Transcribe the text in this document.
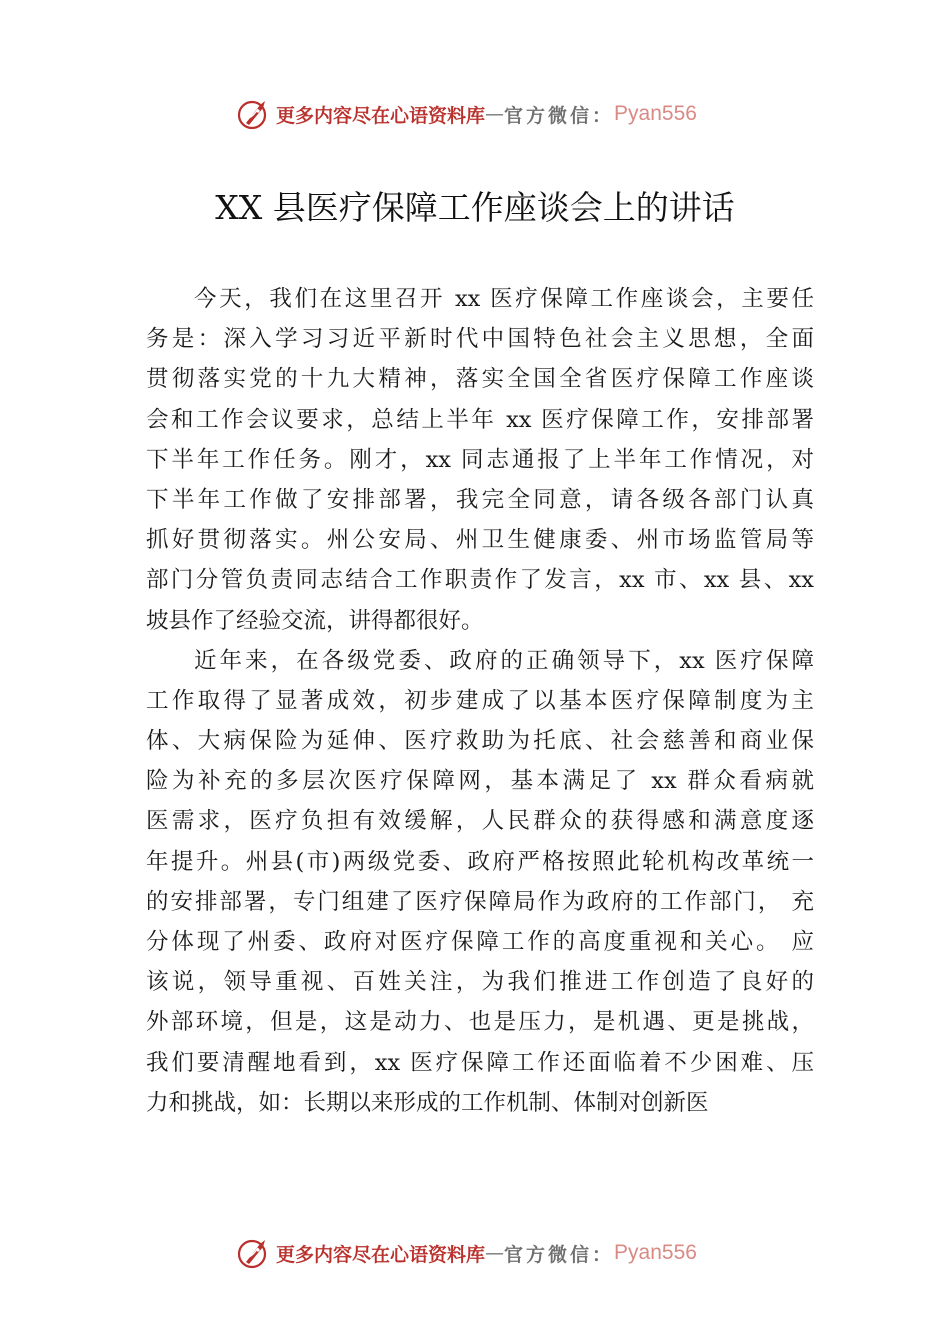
更多内容尽在心语资料库 — 官方微信： Pyan556
XX 县医疗保障工作座谈会上的讲话
今天，我们在这里召开 xx 医疗保障工作座谈会，主要任
务是：深入学习习近平新时代中国特色社会主义思想，全面
贯彻落实党的十九大精神，落实全国全省医疗保障工作座谈
会和工作会议要求，总结上半年 xx 医疗保障工作，安排部署
下半年工作任务。刚才，xx 同志通报了上半年工作情况，对
下半年工作做了安排部署，我完全同意，请各级各部门认真
抓好贯彻落实。州公安局、州卫生健康委、州市场监管局等
部门分管负责同志结合工作职责作了发言，xx 市、xx 县、xx
坡县作了经验交流，讲得都很好。
近年来，在各级党委、政府的正确领导下，xx 医疗保障
工作取得了显著成效，初步建成了以基本医疗保障制度为主
体、大病保险为延伸、医疗救助为托底、社会慈善和商业保
险为补充的多层次医疗保障网，基本满足了 xx 群众看病就
医需求，医疗负担有效缓解，人民群众的获得感和满意度逐
年提升。州县(市)两级党委、政府严格按照此轮机构改革统一
的安排部署，专门组建了医疗保障局作为政府的工作部门， 充
分体现了州委、政府对医疗保障工作的高度重视和关心。 应
该说，领导重视、百姓关注，为我们推进工作创造了良好的
外部环境，但是，这是动力、也是压力，是机遇、更是挑战，
我们要清醒地看到，xx 医疗保障工作还面临着不少困难、压
力和挑战，如：长期以来形成的工作机制、体制对创新医
更多内容尽在心语资料库 — 官方微信： Pyan556
